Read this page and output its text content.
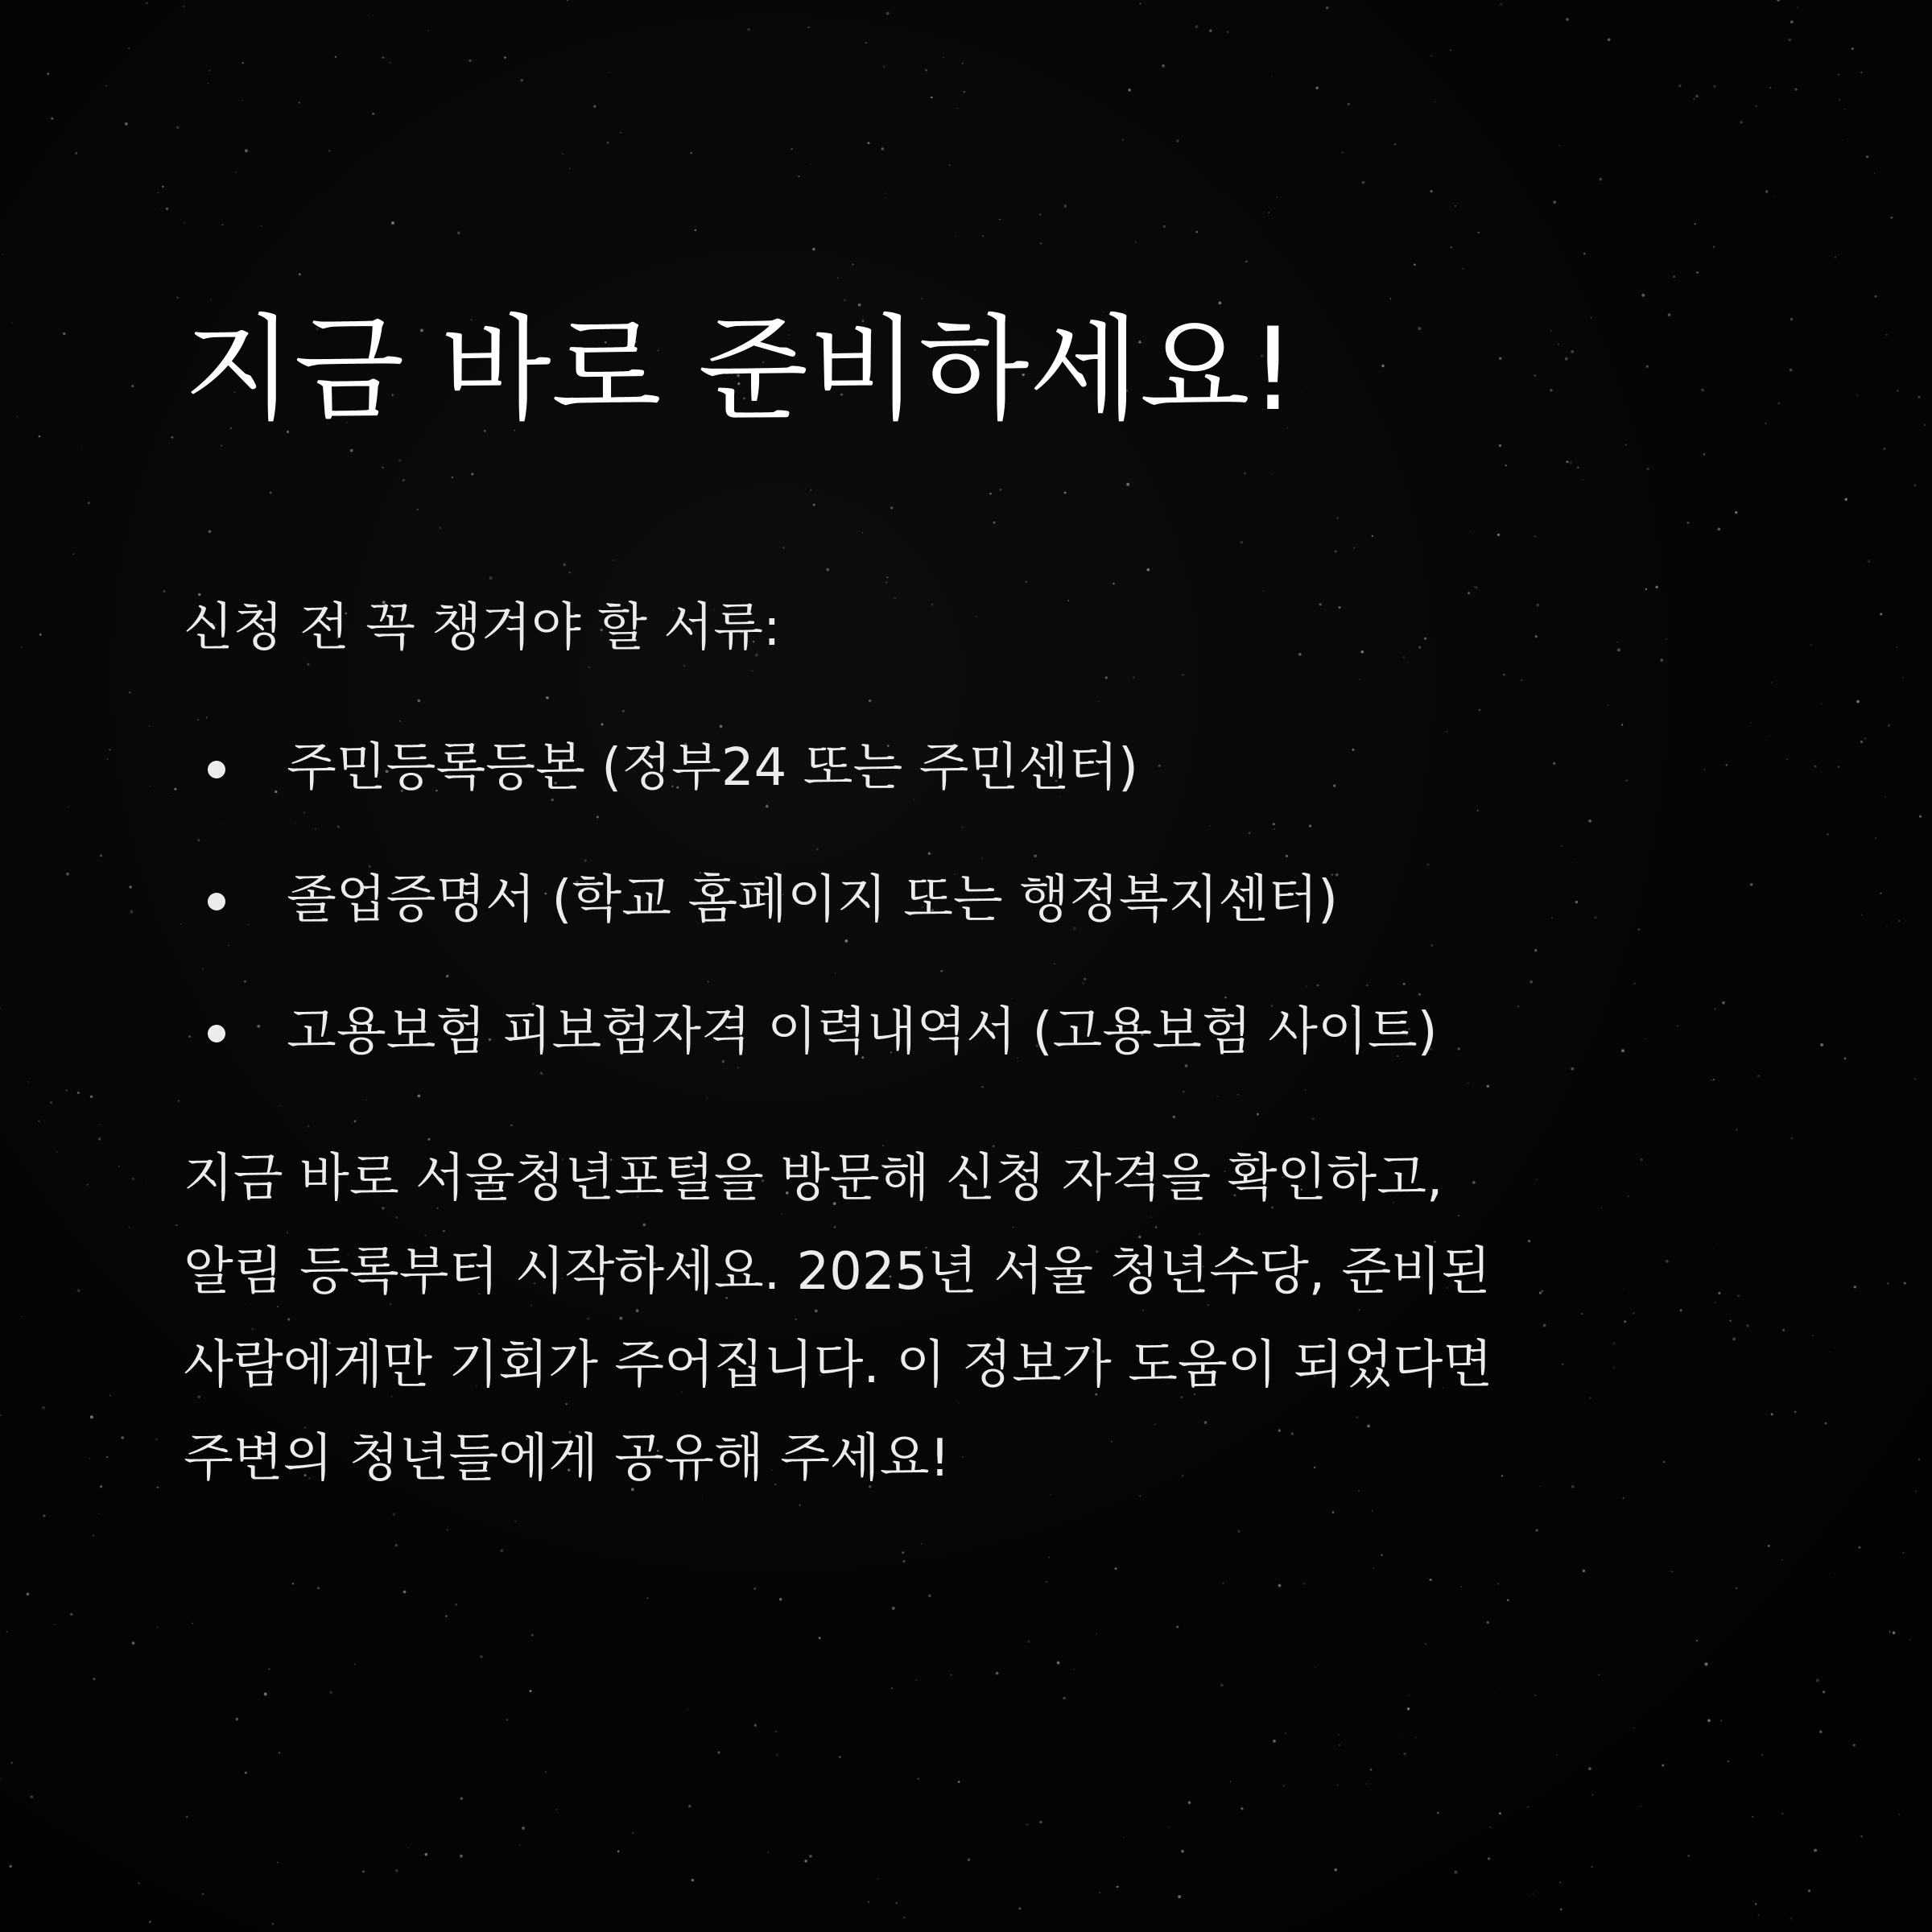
지금 바로 준비하세요!
신청 전 꼭 챙겨야 할 서류:
주민등록등본 (정부24 또는 주민센터)
졸업증명서 (학교 홈페이지 또는 행정복지센터)
고용보험 피보험자격 이력내역서 (고용보험 사이트)
지금 바로 서울청년포털을 방문해 신청 자격을 확인하고,
알림 등록부터 시작하세요. 2025년 서울 청년수당, 준비된
사람에게만 기회가 주어집니다. 이 정보가 도움이 되었다면
주변의 청년들에게 공유해 주세요!
